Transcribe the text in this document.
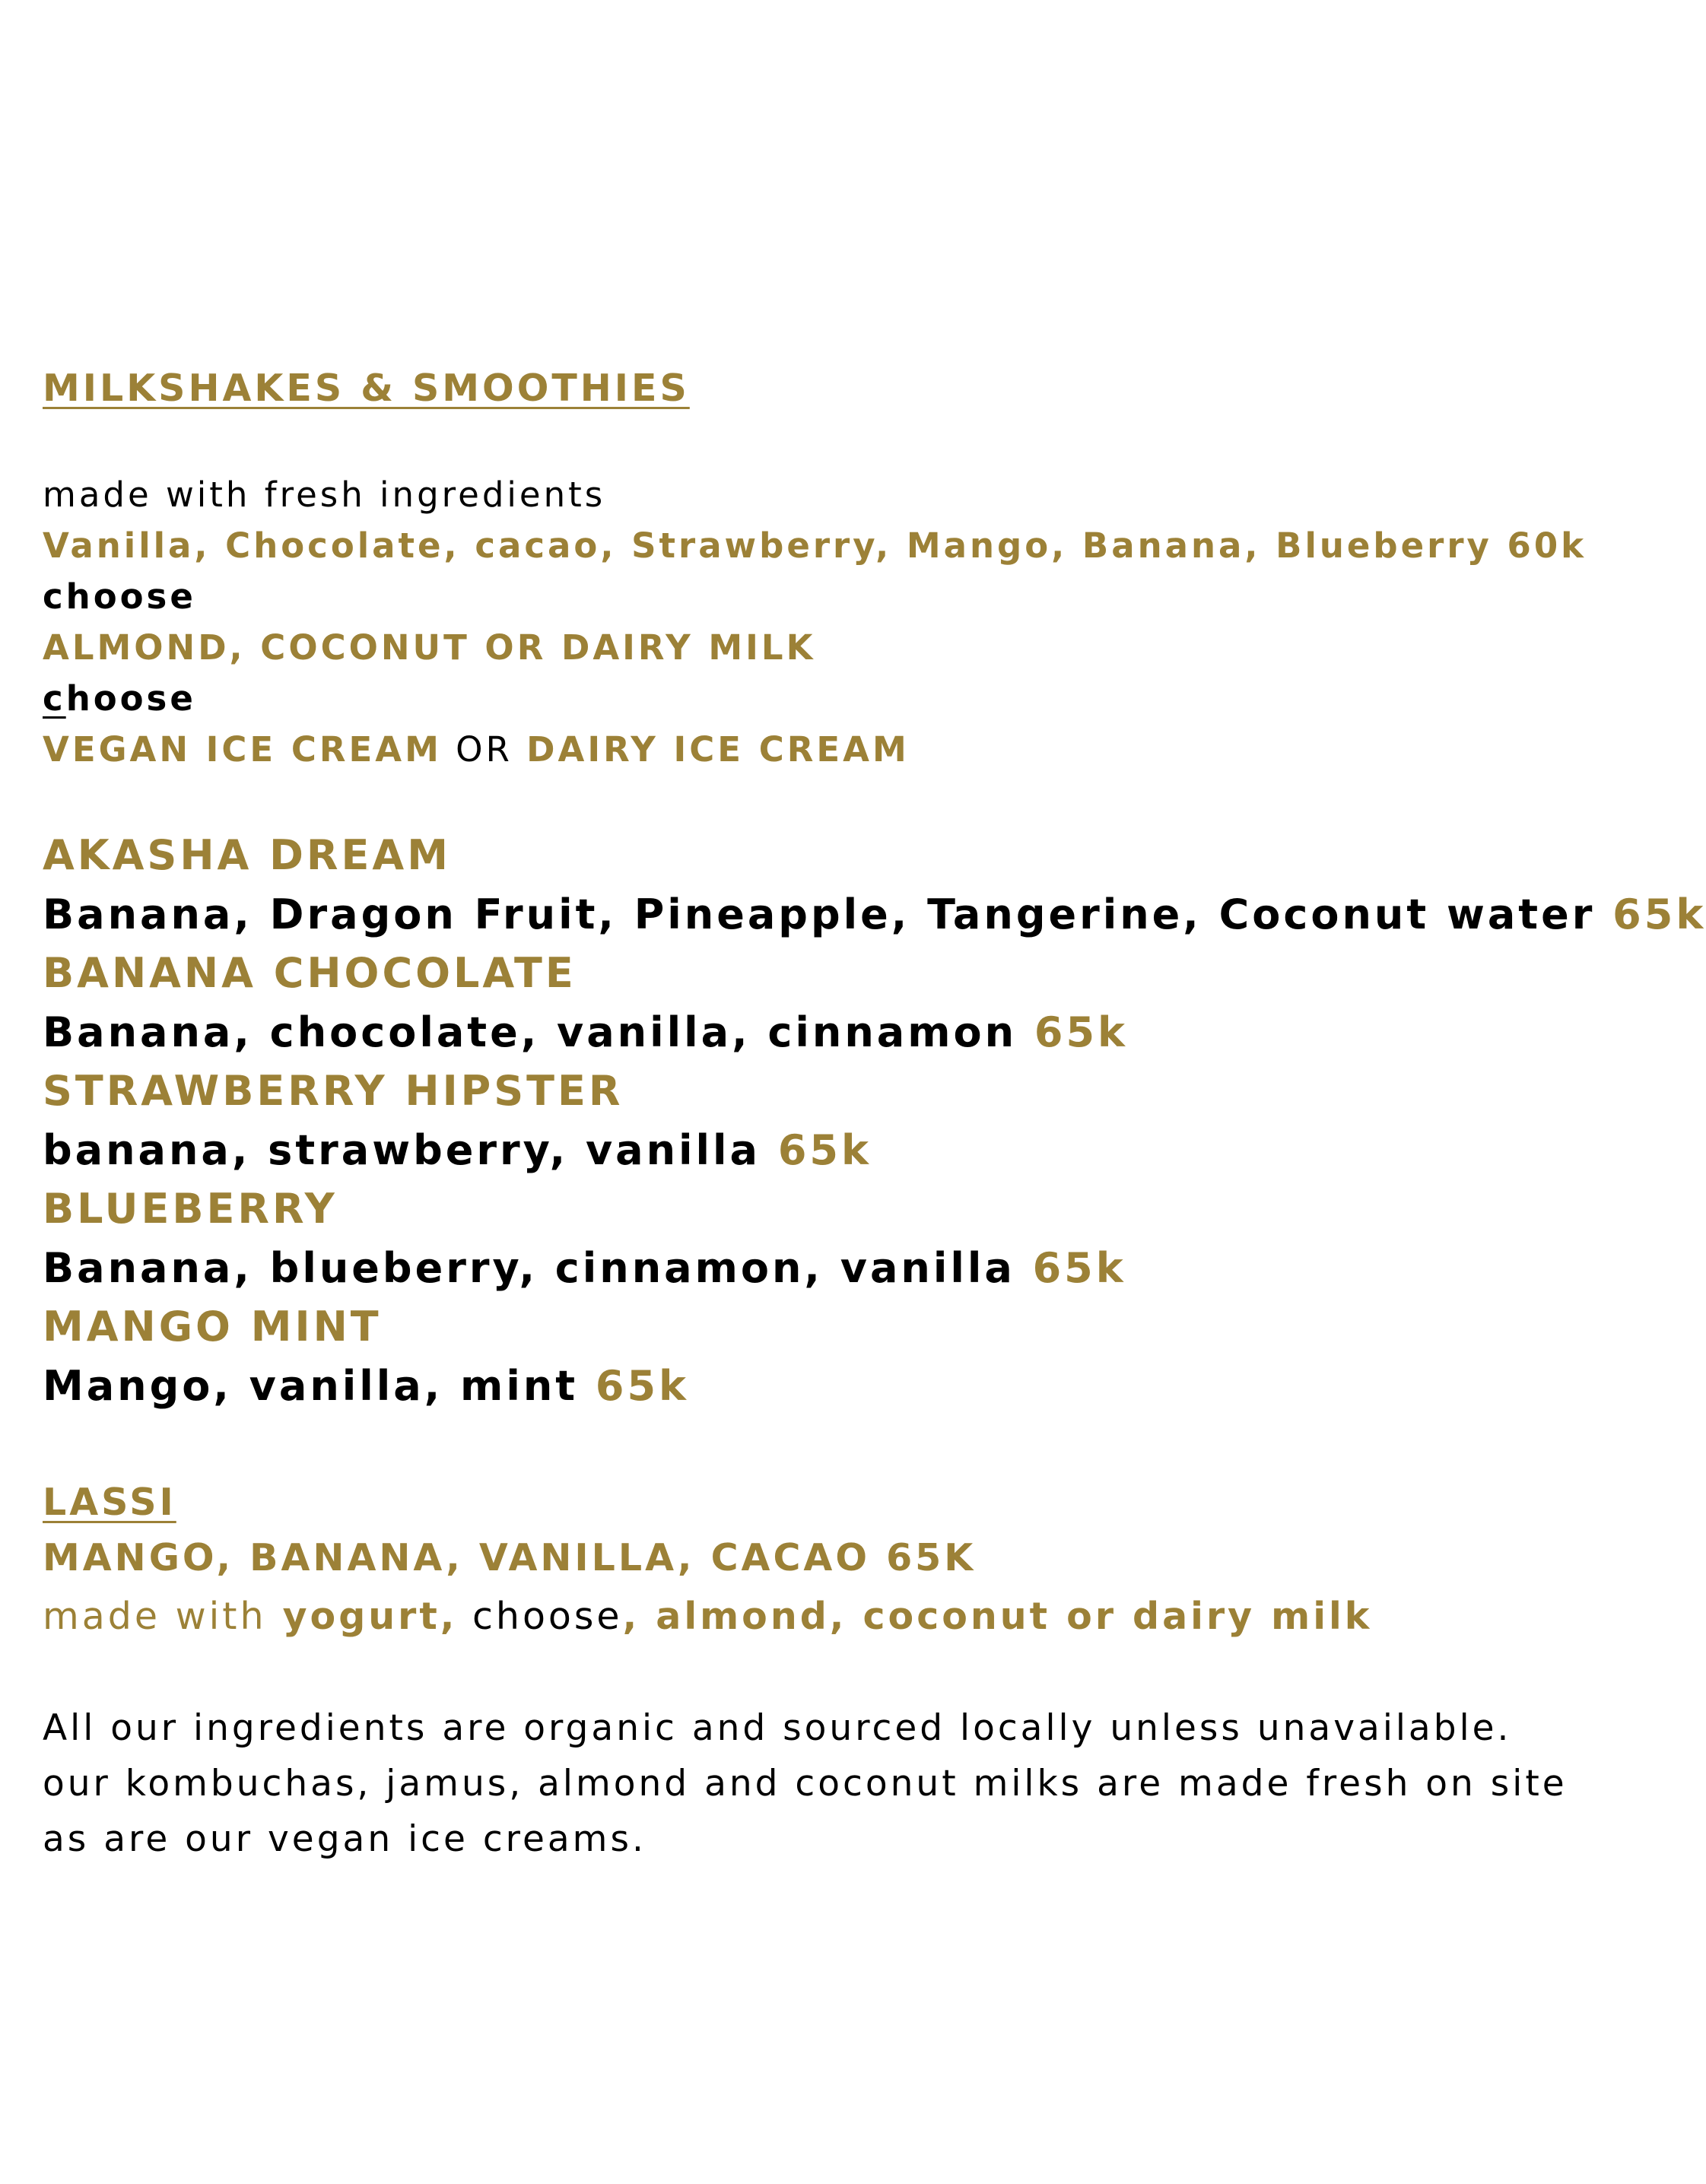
MILKSHAKES & SMOOTHIES
made with fresh ingredients
Vanilla, Chocolate, cacao, Strawberry, Mango, Banana, Blueberry 60k
choose
ALMOND, COCONUT OR DAIRY MILK
choose
VEGAN ICE CREAM OR DAIRY ICE CREAM
AKASHA DREAM
Banana, Dragon Fruit, Pineapple, Tangerine, Coconut water 65k
BANANA CHOCOLATE
Banana, chocolate, vanilla, cinnamon 65k
STRAWBERRY HIPSTER
banana, strawberry, vanilla 65k
BLUEBERRY
Banana, blueberry, cinnamon, vanilla 65k
MANGO MINT
Mango, vanilla, mint 65k
LASSI
MANGO, BANANA, VANILLA, CACAO 65K
made with yogurt, choose, almond, coconut or dairy milk
All our ingredients are organic and sourced locally unless unavailable. our kombuchas, jamus, almond and coconut milks are made fresh on site as are our vegan ice creams.
